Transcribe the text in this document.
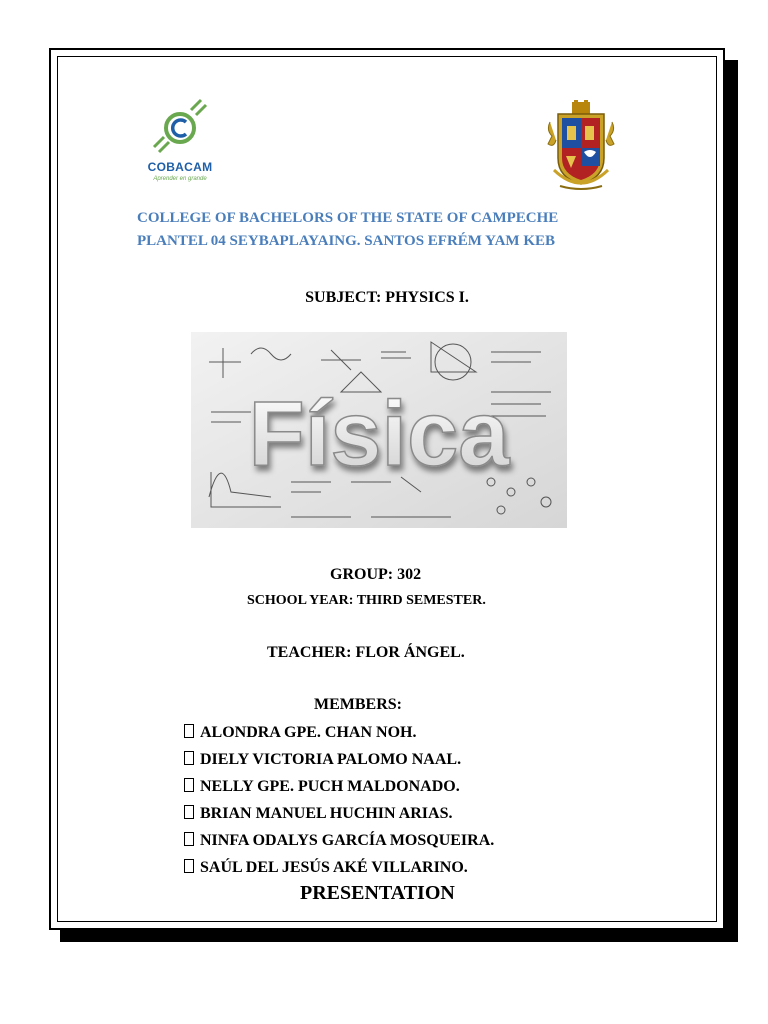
COBACAM
Aprender en grande
COLLEGE OF BACHELORS OF THE STATE OF CAMPECHE
PLANTEL 04 SEYBAPLAYAING. SANTOS EFRÉM YAM KEB
SUBJECT: PHYSICS I.
Física
GROUP: 302
SCHOOL YEAR: THIRD SEMESTER.
TEACHER: FLOR ÁNGEL.
MEMBERS:
ALONDRA GPE. CHAN NOH.
DIELY VICTORIA PALOMO NAAL.
NELLY GPE. PUCH MALDONADO.
BRIAN MANUEL HUCHIN ARIAS.
NINFA ODALYS GARCÍA MOSQUEIRA.
SAÚL DEL JESÚS AKÉ VILLARINO.
PRESENTATION
